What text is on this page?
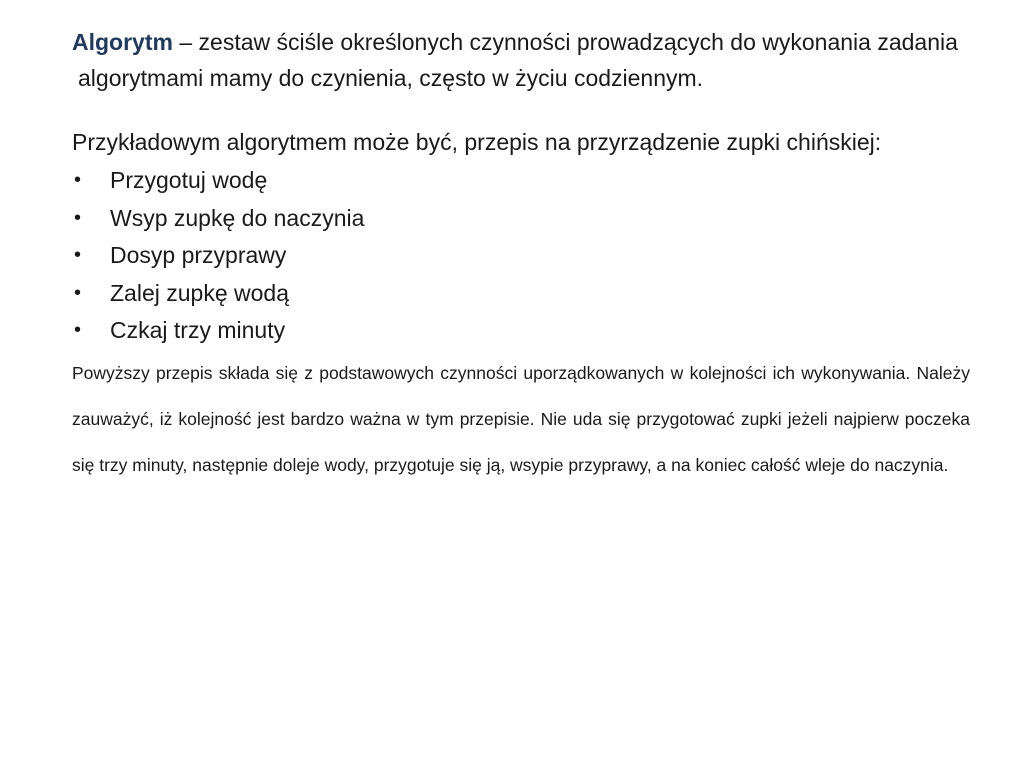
Algorytm – zestaw ściśle określonych czynności prowadzących do wykonania zadania

algorytmami mamy do czynienia, często w życiu codziennym.

Przykładowym algorytmem może być, przepis na przyrządzenie zupki chińskiej:

• Przygotuj wodę
• Wsyp zupkę do naczynia
• Dosyp przyprawy
• Zalej zupkę wodą
• Czkaj trzy minuty

Powyższy przepis składa się z podstawowych czynności uporządkowanych w kolejności ich wykonywania. Należy zauważyć, iż kolejność jest bardzo ważna w tym przepisie. Nie uda się przygotować zupki jeżeli najpierw poczeka się trzy minuty, następnie doleje wody, przygotuje się ją, wsypie przyprawy, a na koniec całość wleje do naczynia.
